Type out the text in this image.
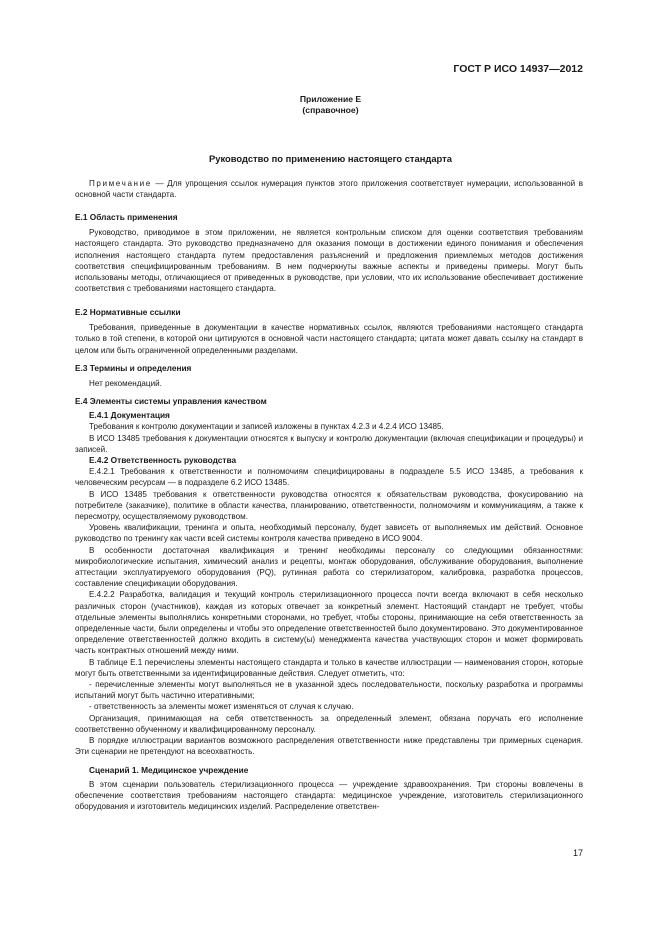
ГОСТ Р ИСО 14937—2012
Приложение Е
(справочное)
Руководство по применению настоящего стандарта

Примечание — Для упрощения ссылок нумерация пунктов этого приложения соответствует нумерации, использованной в основной части стандарта.

Е.1 Область применения

Руководство, приводимое в этом приложении, не является контрольным списком для оценки соответствия требованиям настоящего стандарта. Это руководство предназначено для оказания помощи в достижении единого понимания и обеспечения исполнения настоящего стандарта путем предоставления разъяснений и предложения приемлемых методов достижения соответствия специфицированным требованиям. В нем подчеркнуты важные аспекты и приведены примеры. Могут быть использованы методы, отличающиеся от приведенных в руководстве, при условии, что их использование обеспечивает достижение соответствия с требованиями настоящего стандарта.

Е.2 Нормативные ссылки

Требования, приведенные в документации в качестве нормативных ссылок, являются требованиями настоящего стандарта только в той степени, в которой они цитируются в основной части настоящего стандарта; цитата может давать ссылку на стандарт в целом или быть ограниченной определенными разделами.

Е.3 Термины и определения

Нет рекомендаций.

Е.4 Элементы системы управления качеством
Е.4.1 Документация

Требования к контролю документации и записей изложены в пунктах 4.2.3 и 4.2.4 ИСО 13485.

В ИСО 13485 требования к документации относятся к выпуску и контролю документации (включая спецификации и процедуры) и записей.

Е.4.2 Ответственность руководства

Е.4.2.1 Требования к ответственности и полномочиям специфицированы в подразделе 5.5 ИСО 13485, а требования к человеческим ресурсам — в подразделе 6.2 ИСО 13485.

В ИСО 13485 требования к ответственности руководства относятся к обязательствам руководства, фокусированию на потребителе (заказчике), политике в области качества, планированию, ответственности, полномочиям и коммуникациям, а также к пересмотру, осуществляемому руководством.

Уровень квалификации, тренинга и опыта, необходимый персоналу, будет зависеть от выполняемых им действий. Основное руководство по тренингу как части всей системы контроля качества приведено в ИСО 9004.

В особенности достаточная квалификация и тренинг необходимы персоналу со следующими обязанностями: микробиологические испытания, химический анализ и рецепты, монтаж оборудования, обслуживание оборудования, выполнение аттестации эксплуатируемого оборудования (PQ), рутинная работа со стерилизатором, калибровка, разработка процессов, составление спецификации оборудования.

Е.4.2.2 Разработка, валидация и текущий контроль стерилизационного процесса почти всегда включают в себя несколько различных сторон (участников), каждая из которых отвечает за конкретный элемент. Настоящий стандарт не требует, чтобы отдельные элементы выполнялись конкретными сторонами, но требует, чтобы стороны, принимающие на себя ответственность за определенные части, были определены и чтобы это определение ответственностей было документировано. Это документированное определение ответственностей должно входить в систему(ы) менеджмента качества участвующих сторон и может формировать часть контрактных отношений между ними.

В таблице Е.1 перечислены элементы настоящего стандарта и только в качестве иллюстрации — наименования сторон, которые могут быть ответственными за идентифицированные действия. Следует отметить, что:

- перечисленные элементы могут выполняться не в указанной здесь последовательности, поскольку разработка и программы испытаний могут быть частично итеративными;

- ответственность за элементы может изменяться от случая к случаю.

Организация, принимающая на себя ответственность за определенный элемент, обязана поручать его исполнение соответственно обученному и квалифицированному персоналу.

В порядке иллюстрации вариантов возможного распределения ответственности ниже представлены три примерных сценария. Эти сценарии не претендуют на всеохватность.

Сценарий 1. Медицинское учреждение

В этом сценарии пользователь стерилизационного процесса — учреждение здравоохранения. Три стороны вовлечены в обеспечение соответствия требованиям настоящего стандарта: медицинское учреждение, изготовитель стерилизационного оборудования и изготовитель медицинских изделий. Распределение ответствен-

17
